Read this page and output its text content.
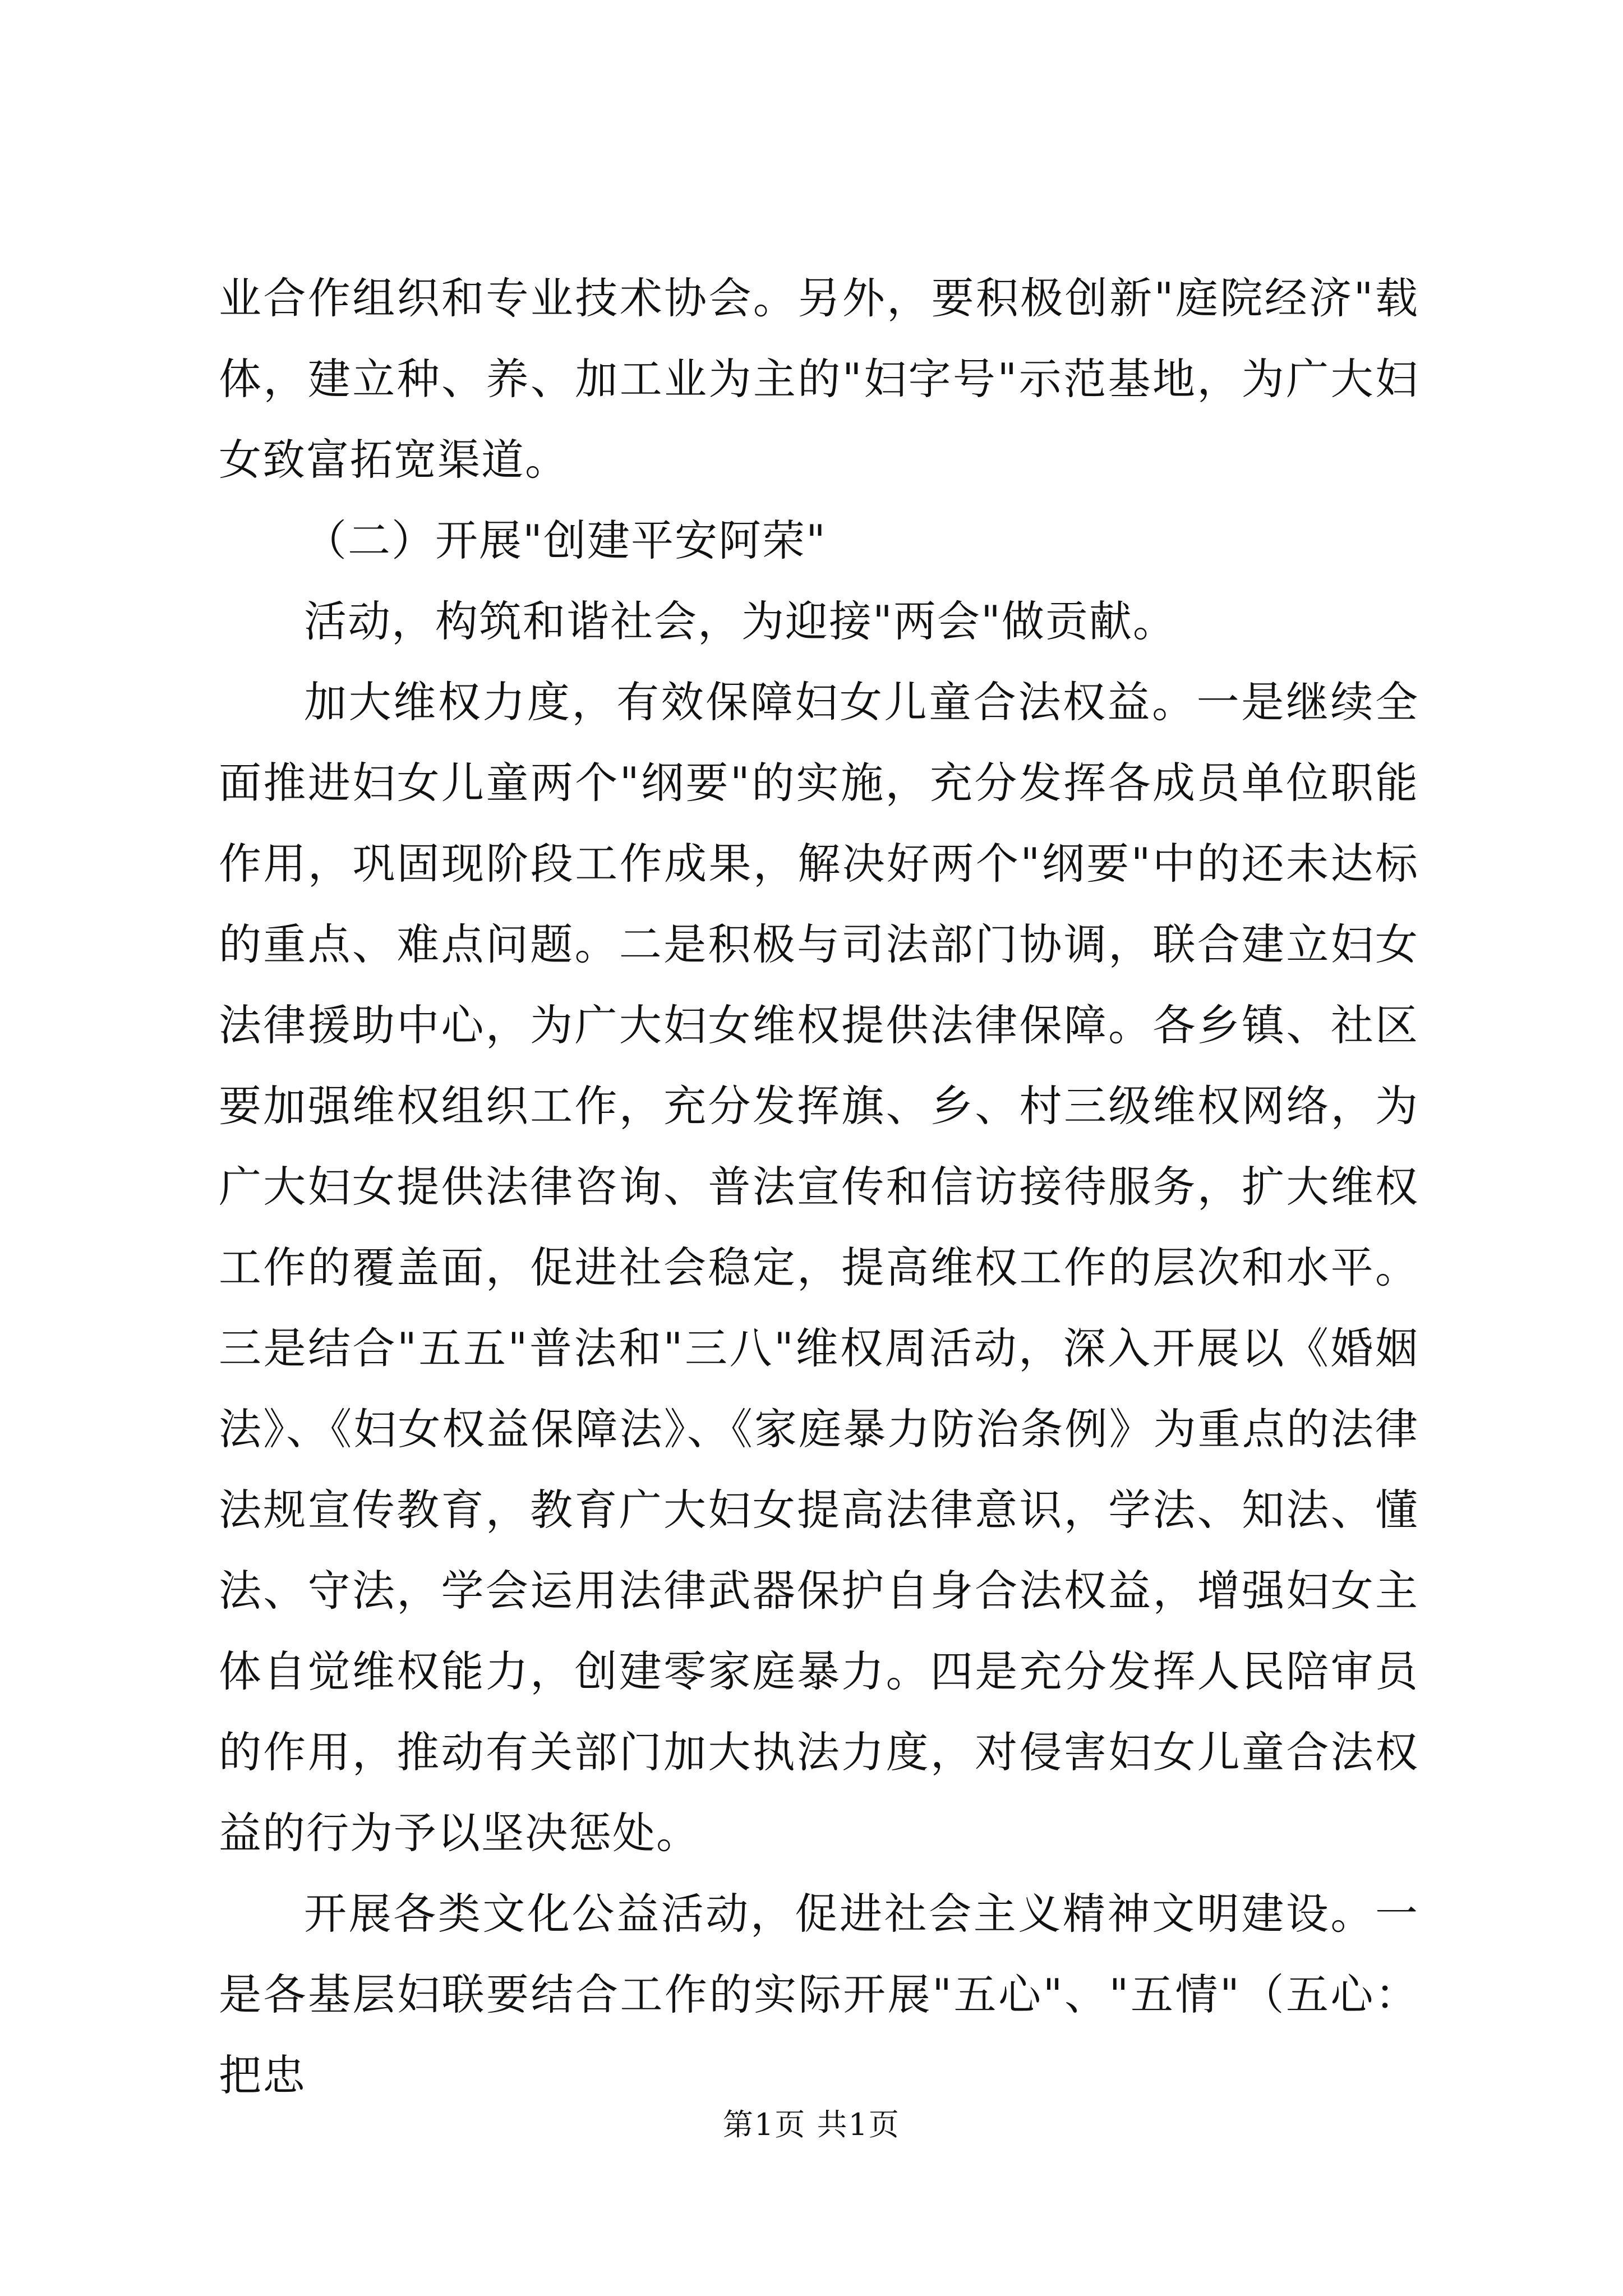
业合作组织和专业技术协会。另外，要积极创新"庭院经济"载体，建立种、养、加工业为主的"妇字号"示范基地，为广大妇女致富拓宽渠道。

（二）开展"创建平安阿荣"

活动，构筑和谐社会，为迎接"两会"做贡献。

加大维权力度，有效保障妇女儿童合法权益。一是继续全面推进妇女儿童两个"纲要"的实施，充分发挥各成员单位职能作用，巩固现阶段工作成果，解决好两个"纲要"中的还未达标的重点、难点问题。二是积极与司法部门协调，联合建立妇女法律援助中心，为广大妇女维权提供法律保障。各乡镇、社区要加强维权组织工作，充分发挥旗、乡、村三级维权网络，为广大妇女提供法律咨询、普法宣传和信访接待服务，扩大维权工作的覆盖面，促进社会稳定，提高维权工作的层次和水平。三是结合"五五"普法和"三八"维权周活动，深入开展以《婚姻法》、《妇女权益保障法》、《家庭暴力防治条例》为重点的法律法规宣传教育，教育广大妇女提高法律意识，学法、知法、懂法、守法，学会运用法律武器保护自身合法权益，增强妇女主体自觉维权能力，创建零家庭暴力。四是充分发挥人民陪审员的作用，推动有关部门加大执法力度，对侵害妇女儿童合法权益的行为予以坚决惩处。

开展各类文化公益活动，促进社会主义精神文明建设。一是各基层妇联要结合工作的实际开展"五心"、"五情"（五心：把忠

第1页 共1页
